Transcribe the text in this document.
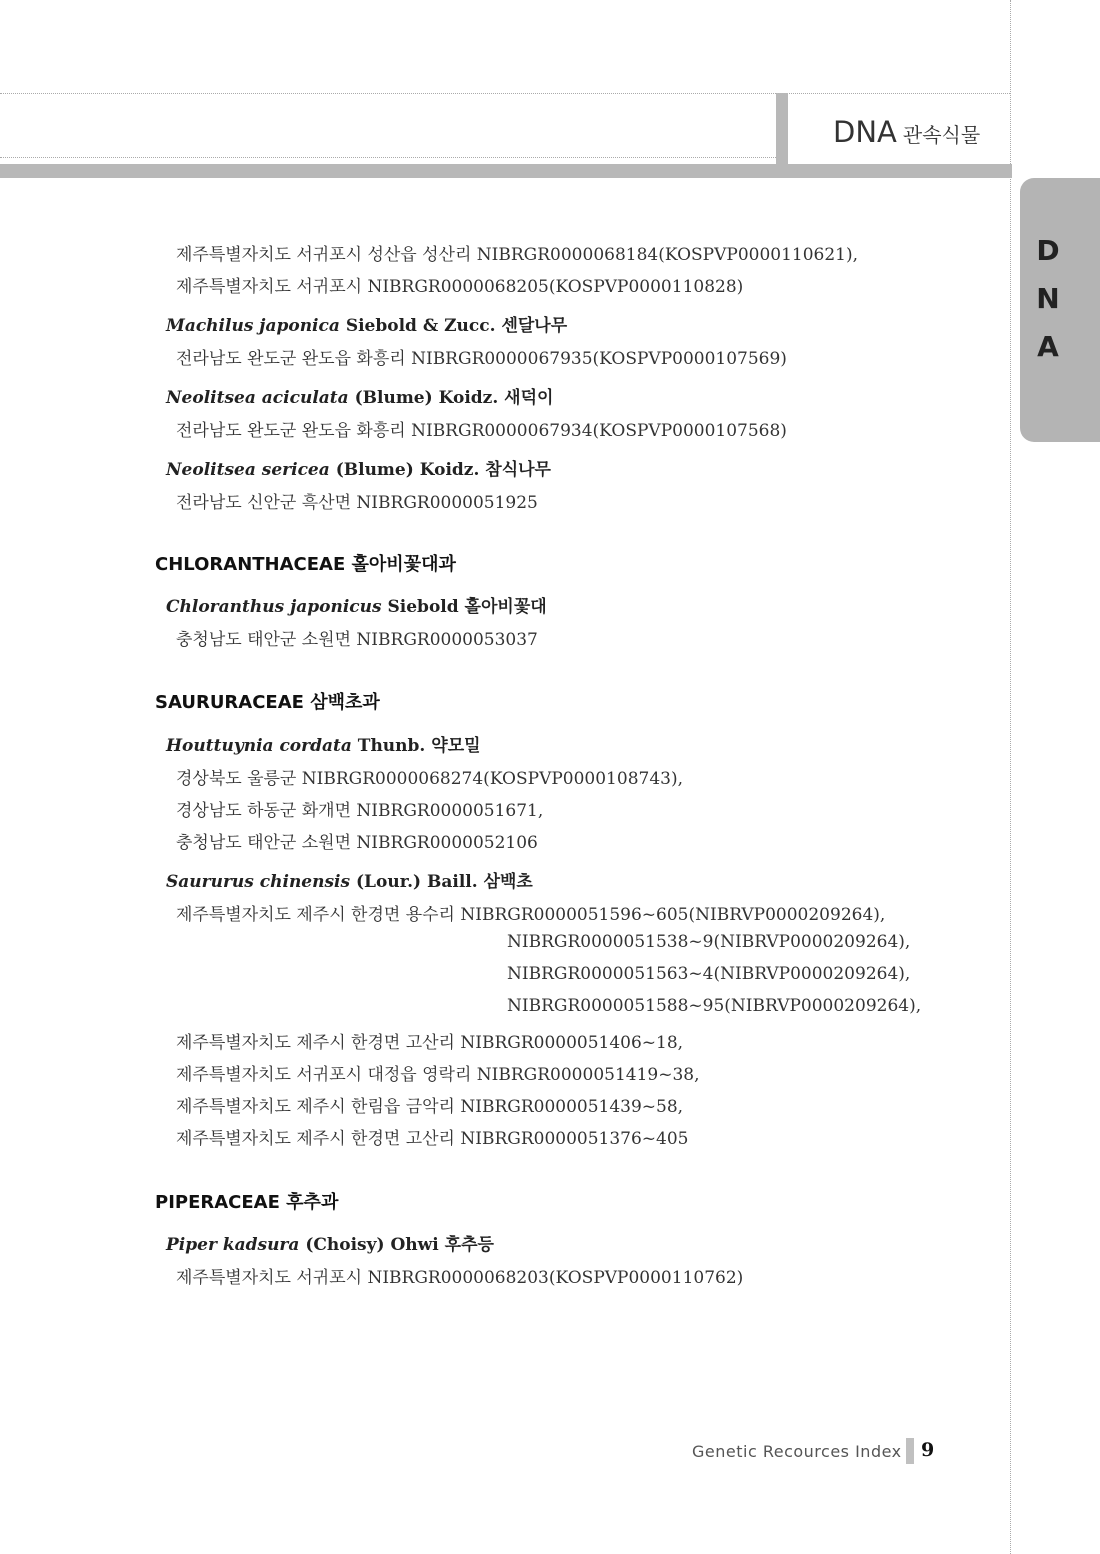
DNA 관속식물
D
N
A
제주특별자치도 서귀포시 성산읍 성산리 NIBRGR0000068184(KOSPVP0000110621),
제주특별자치도 서귀포시 NIBRGR0000068205(KOSPVP0000110828)
Machilus japonica Siebold & Zucc. 센달나무
전라남도 완도군 완도읍 화흥리 NIBRGR0000067935(KOSPVP0000107569)
Neolitsea aciculata (Blume) Koidz. 새덕이
전라남도 완도군 완도읍 화흥리 NIBRGR0000067934(KOSPVP0000107568)
Neolitsea sericea (Blume) Koidz. 참식나무
전라남도 신안군 흑산면 NIBRGR0000051925
CHLORANTHACEAE 홀아비꽃대과
Chloranthus japonicus Siebold 홀아비꽃대
충청남도 태안군 소원면 NIBRGR0000053037
SAURURACEAE 삼백초과
Houttuynia cordata Thunb. 약모밀
경상북도 울릉군 NIBRGR0000068274(KOSPVP0000108743),
경상남도 하동군 화개면 NIBRGR0000051671,
충청남도 태안군 소원면 NIBRGR0000052106
Saururus chinensis (Lour.) Baill. 삼백초
제주특별자치도 제주시 한경면 용수리 NIBRGR0000051596~605(NIBRVP0000209264),
NIBRGR0000051538~9(NIBRVP0000209264),
NIBRGR0000051563~4(NIBRVP0000209264),
NIBRGR0000051588~95(NIBRVP0000209264),
제주특별자치도 제주시 한경면 고산리 NIBRGR0000051406~18,
제주특별자치도 서귀포시 대정읍 영락리 NIBRGR0000051419~38,
제주특별자치도 제주시 한림읍 금악리 NIBRGR0000051439~58,
제주특별자치도 제주시 한경면 고산리 NIBRGR0000051376~405
PIPERACEAE 후추과
Piper kadsura (Choisy) Ohwi 후추등
제주특별자치도 서귀포시 NIBRGR0000068203(KOSPVP0000110762)
Genetic Recources Index 9
